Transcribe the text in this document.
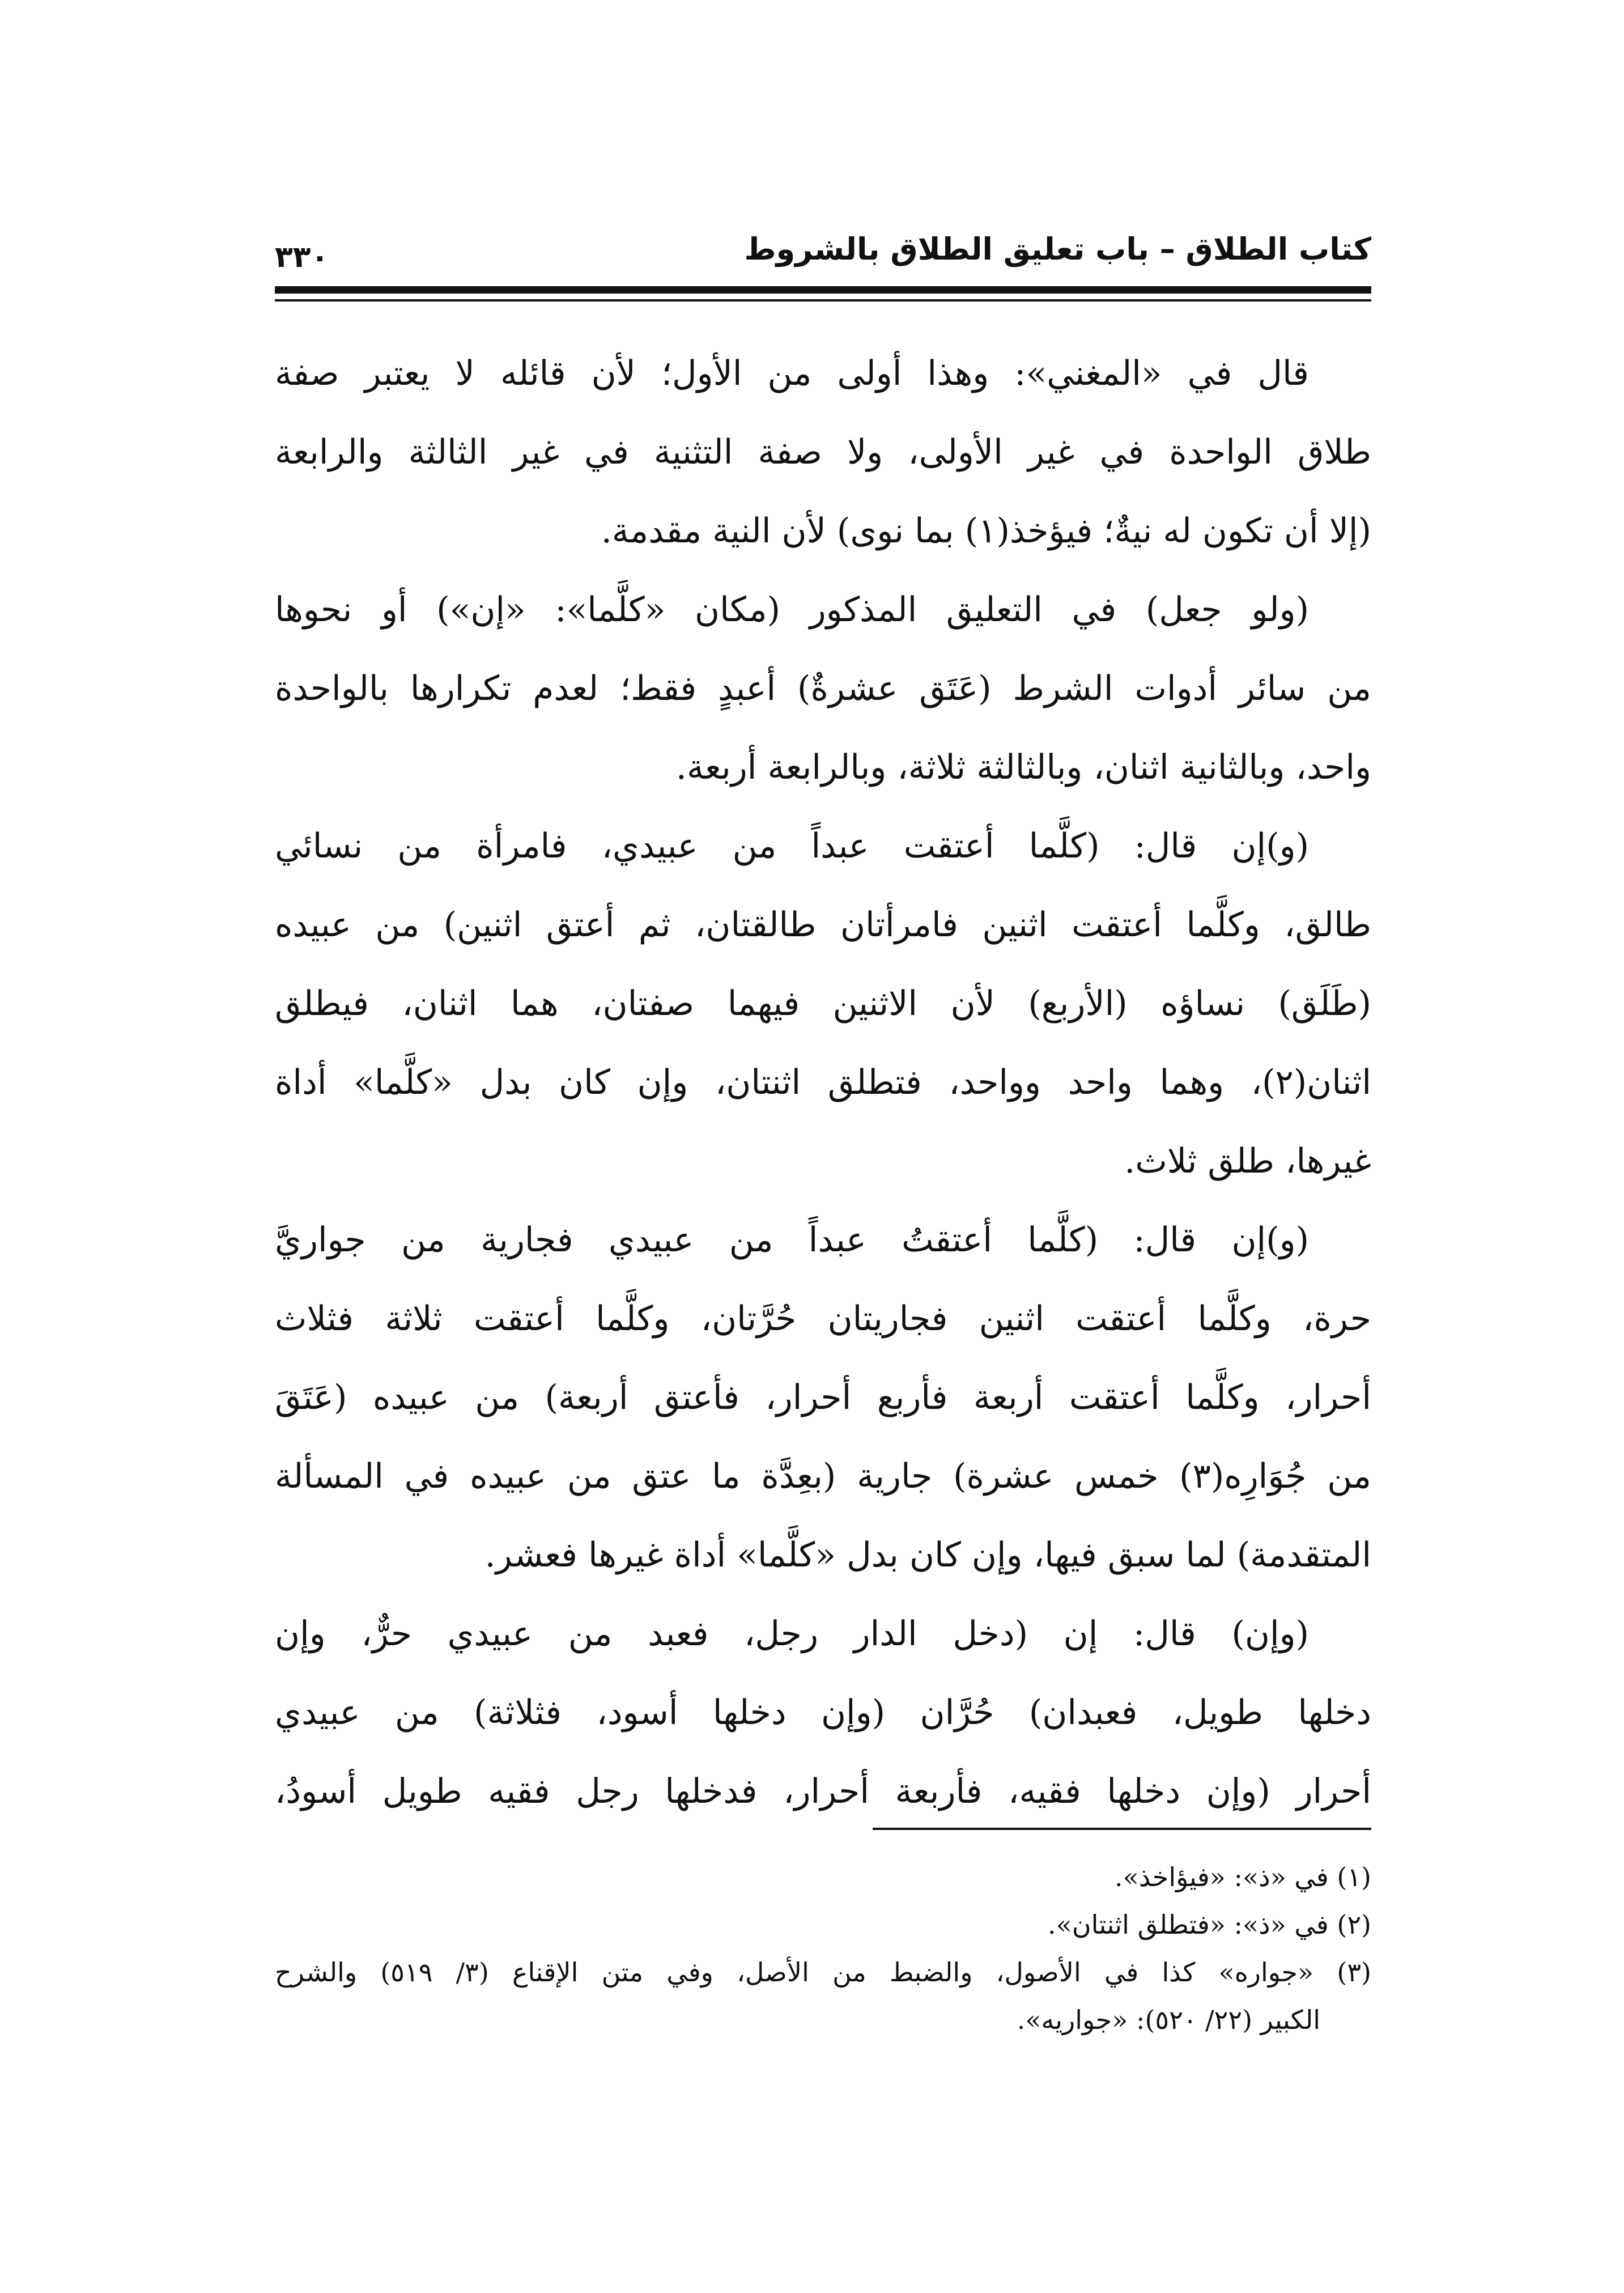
كتاب الطلاق – باب تعليق الطلاق بالشروط
٣٣٠
قال في «المغني»: وهذا أولى من الأول؛ لأن قائله لا يعتبر صفة
طلاق الواحدة في غير الأولى، ولا صفة التثنية في غير الثالثة والرابعة
(إلا أن تكون له نيةٌ؛ فيؤخذ(١) بما نوى) لأن النية مقدمة.
(ولو جعل) في التعليق المذكور (مكان «كلَّما»: «إن») أو نحوها
من سائر أدوات الشرط (عَتَق عشرةٌ) أعبدٍ فقط؛ لعدم تكرارها بالواحدة
واحد، وبالثانية اثنان، وبالثالثة ثلاثة، وبالرابعة أربعة.
(و)إن قال: (كلَّما أعتقت عبداً من عبيدي، فامرأة من نسائي
طالق، وكلَّما أعتقت اثنين فامرأتان طالقتان، ثم أعتق اثنين) من عبيده
(طَلَق) نساؤه (الأربع) لأن الاثنين فيهما صفتان، هما اثنان، فيطلق
اثنان(٢)، وهما واحد وواحد، فتطلق اثنتان، وإن كان بدل «كلَّما» أداة
غيرها، طلق ثلاث.
(و)إن قال: (كلَّما أعتقتُ عبداً من عبيدي فجارية من جواريَّ
حرة، وكلَّما أعتقت اثنين فجاريتان حُرَّتان، وكلَّما أعتقت ثلاثة فثلاث
أحرار، وكلَّما أعتقت أربعة فأربع أحرار، فأعتق أربعة) من عبيده (عَتَقَ
من جُوَارِه(٣) خمس عشرة) جارية (بعِدَّة ما عتق من عبيده في المسألة
المتقدمة) لما سبق فيها، وإن كان بدل «كلَّما» أداة غيرها فعشر.
(وإن) قال: إن (دخل الدار رجل، فعبد من عبيدي حرٌّ، وإن
دخلها طويل، فعبدان) حُرَّان (وإن دخلها أسود، فثلاثة) من عبيدي
أحرار (وإن دخلها فقيه، فأربعة أحرار، فدخلها رجل فقيه طويل أسودُ،
(١) في «ذ»: «فيؤاخذ».
(٢) في «ذ»: «فتطلق اثنتان».
(٣) «جواره» كذا في الأصول، والضبط من الأصل، وفي متن الإقناع (٣/ ٥١٩) والشرح
الكبير (٢٢/ ٥٢٠): «جواريه».
